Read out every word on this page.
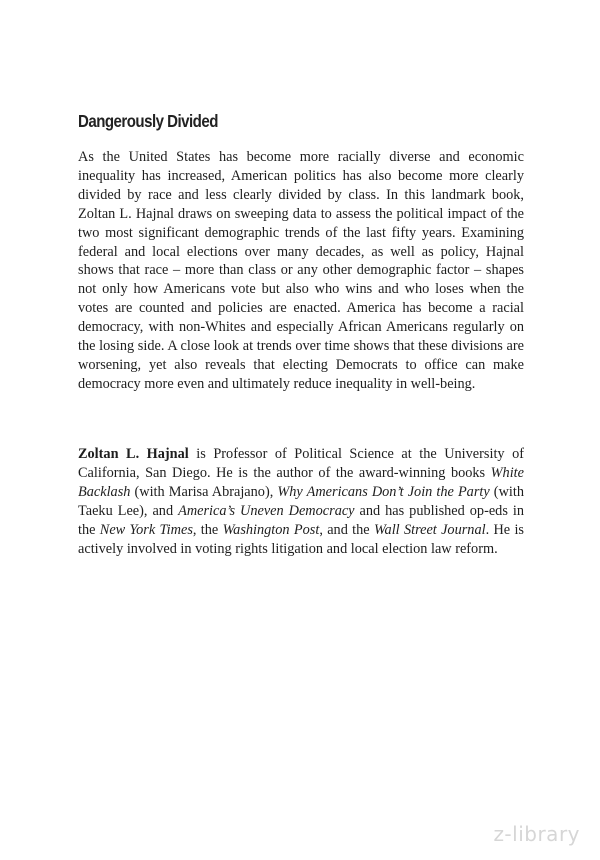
Dangerously Divided

As the United States has become more racially diverse and economic inequality has increased, American politics has also become more clearly divided by race and less clearly divided by class. In this landmark book, Zoltan L. Hajnal draws on sweeping data to assess the political impact of the two most significant demographic trends of the last fifty years. Examining federal and local elections over many decades, as well as policy, Hajnal shows that race – more than class or any other demographic factor – shapes not only how Americans vote but also who wins and who loses when the votes are counted and policies are enacted. America has become a racial democracy, with non-Whites and especially African Americans regularly on the losing side. A close look at trends over time shows that these divisions are worsening, yet also reveals that electing Democrats to office can make democracy more even and ultimately reduce inequality in well-being.

Zoltan L. Hajnal is Professor of Political Science at the University of California, San Diego. He is the author of the award-winning books White Backlash (with Marisa Abrajano), Why Americans Don’t Join the Party (with Taeku Lee), and America’s Uneven Democracy and has published op-eds in the New York Times, the Washington Post, and the Wall Street Journal. He is actively involved in voting rights litigation and local election law reform.

z-library
